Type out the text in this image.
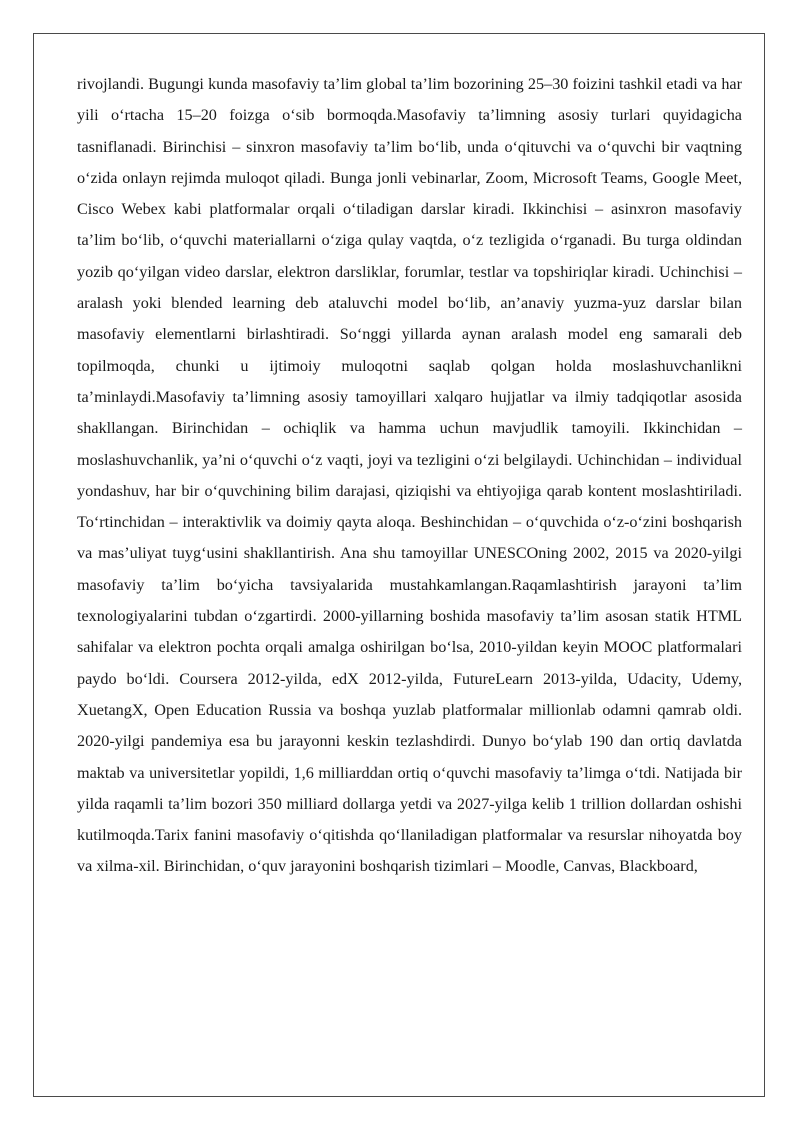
rivojlandi. Bugungi kunda masofaviy ta’lim global ta’lim bozorining 25–30 foizini tashkil etadi va har yili o‘rtacha 15–20 foizga o‘sib bormoqda.Masofaviy ta’limning asosiy turlari quyidagicha tasniflanadi. Birinchisi – sinxron masofaviy ta’lim bo‘lib, unda o‘qituvchi va o‘quvchi bir vaqtning o‘zida onlayn rejimda muloqot qiladi. Bunga jonli vebinarlar, Zoom, Microsoft Teams, Google Meet, Cisco Webex kabi platformalar orqali o‘tiladigan darslar kiradi. Ikkinchisi – asinxron masofaviy ta’lim bo‘lib, o‘quvchi materiallarni o‘ziga qulay vaqtda, o‘z tezligida o‘rganadi. Bu turga oldindan yozib qo‘yilgan video darslar, elektron darsliklar, forumlar, testlar va topshiriqlar kiradi. Uchinchisi – aralash yoki blended learning deb ataluvchi model bo‘lib, an’anaviy yuzma-yuz darslar bilan masofaviy elementlarni birlashtiradi. So‘nggi yillarda aynan aralash model eng samarali deb topilmoqda, chunki u ijtimoiy muloqotni saqlab qolgan holda moslashuvchanlikni ta’minlaydi.Masofaviy ta’limning asosiy tamoyillari xalqaro hujjatlar va ilmiy tadqiqotlar asosida shakllangan. Birinchidan – ochiqlik va hamma uchun mavjudlik tamoyili. Ikkinchidan – moslashuvchanlik, ya’ni o‘quvchi o‘z vaqti, joyi va tezligini o‘zi belgilaydi. Uchinchidan – individual yondashuv, har bir o‘quvchining bilim darajasi, qiziqishi va ehtiyojiga qarab kontent moslashtiriladi. To‘rtinchidan – interaktivlik va doimiy qayta aloqa. Beshinchidan – o‘quvchida o‘z-o‘zini boshqarish va mas’uliyat tuyg‘usini shakllantirish. Ana shu tamoyillar UNESCOning 2002, 2015 va 2020-yilgi masofaviy ta’lim bo‘yicha tavsiyalarida mustahkamlangan.Raqamlashtirish jarayoni ta’lim texnologiyalarini tubdan o‘zgartirdi. 2000-yillarning boshida masofaviy ta’lim asosan statik HTML sahifalar va elektron pochta orqali amalga oshirilgan bo‘lsa, 2010-yildan keyin MOOC platformalari paydo bo‘ldi. Coursera 2012-yilda, edX 2012-yilda, FutureLearn 2013-yilda, Udacity, Udemy, XuetangX, Open Education Russia va boshqa yuzlab platformalar millionlab odamni qamrab oldi. 2020-yilgi pandemiya esa bu jarayonni keskin tezlashdirdi. Dunyo bo‘ylab 190 dan ortiq davlatda maktab va universitetlar yopildi, 1,6 milliarddan ortiq o‘quvchi masofaviy ta’limga o‘tdi. Natijada bir yilda raqamli ta’lim bozori 350 milliard dollarga yetdi va 2027-yilga kelib 1 trillion dollardan oshishi kutilmoqda.Tarix fanini masofaviy o‘qitishda qo‘llaniladigan platformalar va resurslar nihoyatda boy va xilma-xil. Birinchidan, o‘quv jarayonini boshqarish tizimlari – Moodle, Canvas, Blackboard,
